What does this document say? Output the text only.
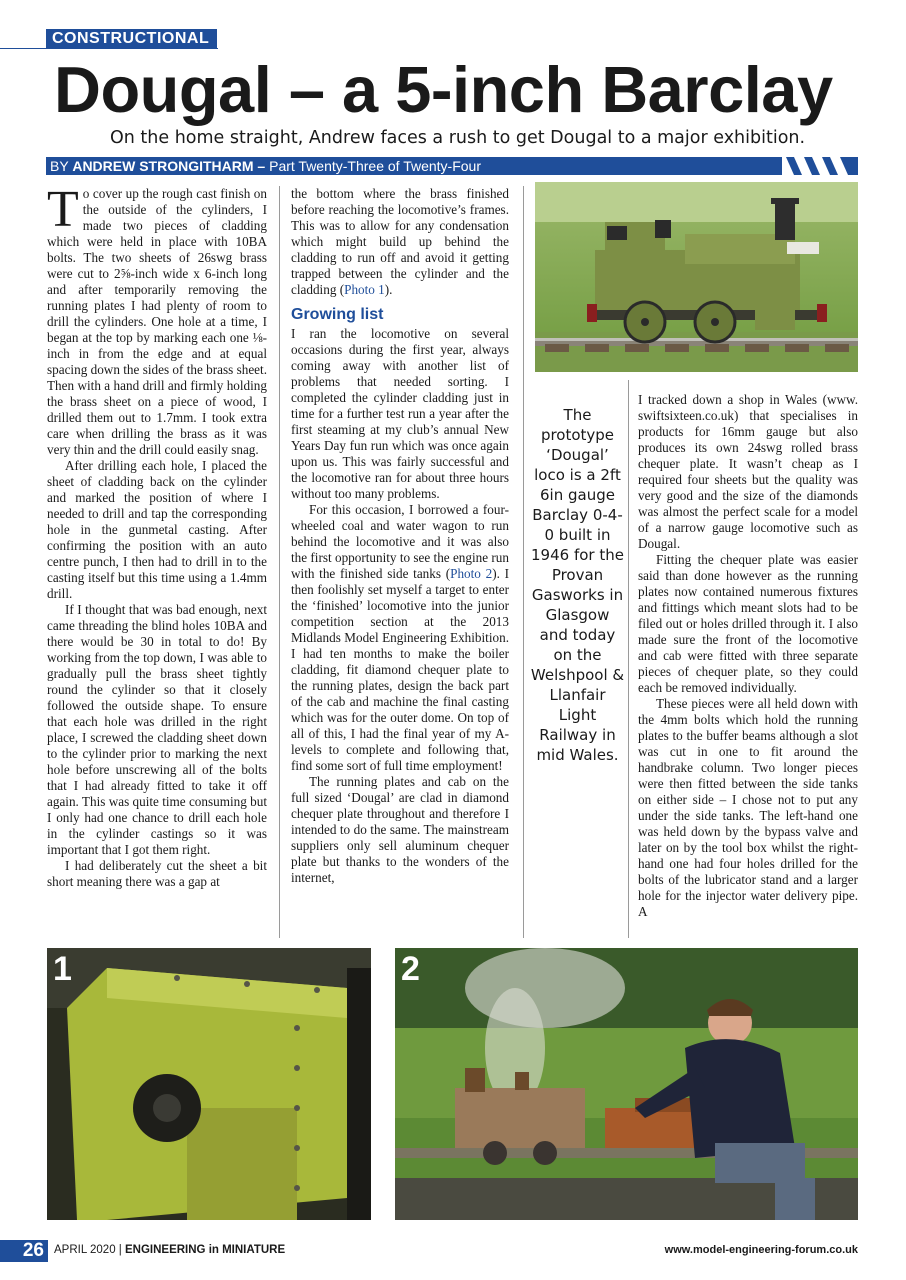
CONSTRUCTIONAL
Dougal – a 5-inch Barclay
On the home straight, Andrew faces a rush to get Dougal to a major exhibition.
BY ANDREW STRONGITHARM – Part Twenty-Three of Twenty-Four

To cover up the rough cast finish on the outside of the cylinders, I made two pieces of cladding which were held in place with 10BA bolts. The two sheets of 26swg brass were cut to 2⅝-inch wide x 6-inch long and after temporarily removing the running plates I had plenty of room to drill the cylinders. One hole at a time, I began at the top by marking each one ⅛-inch in from the edge and at equal spacing down the sides of the brass sheet. Then with a hand drill and firmly holding the brass sheet on a piece of wood, I drilled them out to 1.7mm. I took extra care when drilling the brass as it was very thin and the drill could easily snag.

After drilling each hole, I placed the sheet of cladding back on the cylinder and marked the position of where I needed to drill and tap the corresponding hole in the gunmetal casting. After confirming the position with an auto centre punch, I then had to drill in to the casting itself but this time using a 1.4mm drill.

If I thought that was bad enough, next came threading the blind holes 10BA and there would be 30 in total to do! By working from the top down, I was able to gradually pull the brass sheet tightly round the cylinder so that it closely followed the outside shape. To ensure that each hole was drilled in the right place, I screwed the cladding sheet down to the cylinder prior to marking the next hole before unscrewing all of the bolts that I had already fitted to take it off again. This was quite time consuming but I only had one chance to drill each hole in the cylinder castings so it was important that I got them right.

I had deliberately cut the sheet a bit short meaning there was a gap at

the bottom where the brass finished before reaching the locomotive’s frames. This was to allow for any condensation which might build up behind the cladding to run off and avoid it getting trapped between the cylinder and the cladding (Photo 1).

Growing list

I ran the locomotive on several occasions during the first year, always coming away with another list of problems that needed sorting. I completed the cylinder cladding just in time for a further test run a year after the first steaming at my club’s annual New Years Day fun run which was once again upon us. This was fairly successful and the locomotive ran for about three hours without too many problems.

For this occasion, I borrowed a four-wheeled coal and water wagon to run behind the locomotive and it was also the first opportunity to see the engine run with the finished side tanks (Photo 2). I then foolishly set myself a target to enter the ‘finished’ locomotive into the junior competition section at the 2013 Midlands Model Engineering Exhibition. I had ten months to make the boiler cladding, fit diamond chequer plate to the running plates, design the back part of the cab and machine the final casting which was for the outer dome. On top of all of this, I had the final year of my A-levels to complete and following that, find some sort of full time employment!

The running plates and cab on the full sized ‘Dougal’ are clad in diamond chequer plate throughout and therefore I intended to do the same. The mainstream suppliers only sell aluminum chequer plate but thanks to the wonders of the internet,

The prototype ‘Dougal’ loco is a 2ft 6in gauge Barclay 0-4-0 built in 1946 for the Provan Gasworks in Glasgow and today on the Welshpool & Llanfair Light Railway in mid Wales.

I tracked down a shop in Wales (www. swiftsixteen.co.uk) that specialises in products for 16mm gauge but also produces its own 24swg rolled brass chequer plate. It wasn’t cheap as I required four sheets but the quality was very good and the size of the diamonds was almost the perfect scale for a model of a narrow gauge locomotive such as Dougal.

Fitting the chequer plate was easier said than done however as the running plates now contained numerous fixtures and fittings which meant slots had to be filed out or holes drilled through it. I also made sure the front of the locomotive and cab were fitted with three separate pieces of chequer plate, so they could each be removed individually.

These pieces were all held down with the 4mm bolts which hold the running plates to the buffer beams although a slot was cut in one to fit around the handbrake column. Two longer pieces were then fitted between the side tanks on either side – I chose not to put any under the side tanks. The left-hand one was held down by the bypass valve and later on by the tool box whilst the right-hand one had four holes drilled for the bolts of the lubricator stand and a larger hole for the injector water delivery pipe. A

1	2
26 APRIL 2020 | ENGINEERING in MINIATURE	www.model-engineering-forum.co.uk
